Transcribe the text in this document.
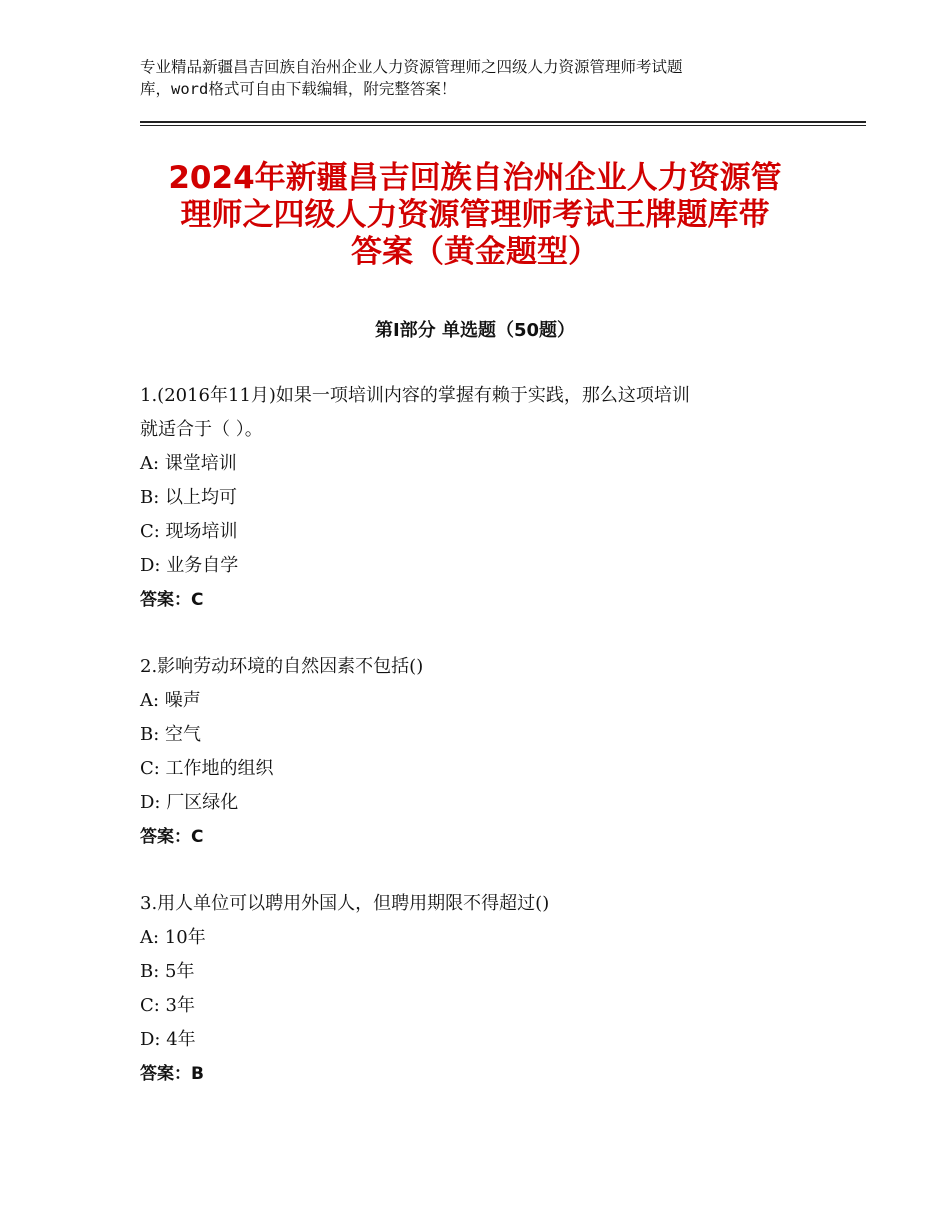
专业精品新疆昌吉回族自治州企业人力资源管理师之四级人力资源管理师考试题
库，word格式可自由下载编辑，附完整答案！
2024年新疆昌吉回族自治州企业人力资源管
理师之四级人力资源管理师考试王牌题库带
答案（黄金题型）
第Ⅰ部分 单选题（50题）
1.(2016年11月)如果一项培训内容的掌握有赖于实践，那么这项培训
就适合于（ ）。
A: 课堂培训
B: 以上均可
C: 现场培训
D: 业务自学
答案：C
2.影响劳动环境的自然因素不包括()
A: 噪声
B: 空气
C: 工作地的组织
D: 厂区绿化
答案：C
3.用人单位可以聘用外国人，但聘用期限不得超过()
A: 10年
B: 5年
C: 3年
D: 4年
答案：B
